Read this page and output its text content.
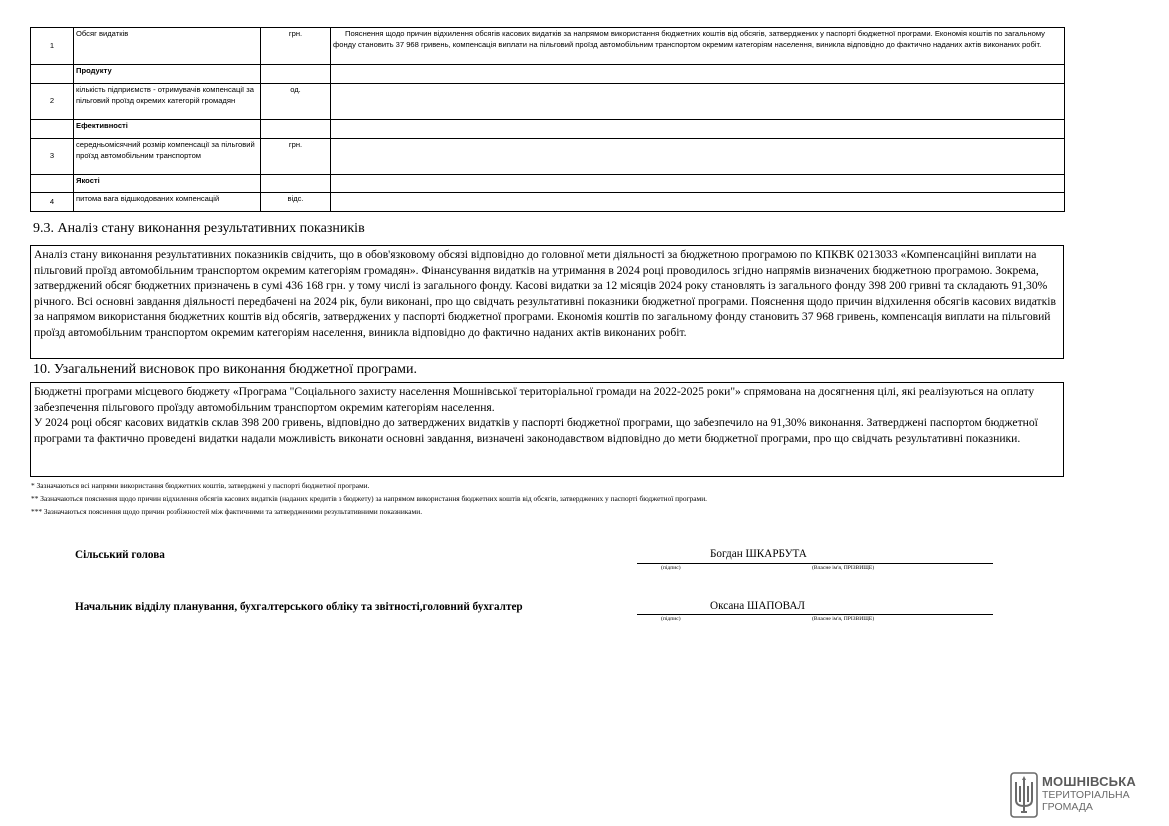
1	Обсяг видатків	грн.	Пояснення щодо причин відхилення обсягів касових видатків за напрямом використання бюджетних коштів від обсягів, затверджених у паспорті бюджетної програми. Економія коштів по загальному фонду становить 37 968 гривень, компенсація виплати на пільговий проїзд автомобільним транспортом окремим категоріям населення, виникла відповідно до фактично наданих актів виконаних робіт.
	Продукту		
2	кількість підприємств - отримувачів компенсації за пільговий проїзд окремих категорій громадян	од.	
	Ефективності		
3	середньомісячний розмір компенсації за пільговий проїзд автомобільним транспортом	грн.	
	Якості		
4	питома вага відшкодованих компенсацій	відс.	
9.3. Аналіз стану виконання результативних показників

Аналіз стану виконання результативних показників свідчить, що в обов'язковому обсязі відповідно до головної мети діяльності за бюджетною програмою по КПКВК 0213033 «Компенсаційні виплати на пільговий проїзд автомобільним транспортом окремим категоріям громадян». Фінансування видатків на утримання в 2024 році проводилось згідно напрямів визначених бюджетною програмою. Зокрема, затверджений обсяг бюджетних призначень в сумі 436 168 грн. у тому числі із загального фонду. Касові видатки за 12 місяців 2024 року становлять із загального фонду 398 200 гривні та складають 91,30% річного. Всі основні завдання діяльності передбачені на 2024 рік, були виконані, про що свідчать результативні показники бюджетної програми. Пояснення щодо причин відхилення обсягів касових видатків за напрямом використання бюджетних коштів від обсягів, затверджених у паспорті бюджетної програми. Економія коштів по загальному фонду становить 37 968 гривень, компенсація виплати на пільговий проїзд автомобільним транспортом окремим категоріям населення, виникла відповідно до фактично наданих актів виконаних робіт.

10. Узагальнений висновок про виконання бюджетної програми.

Бюджетні програми місцевого бюджету «Програма "Соціального захисту населення Мошнівської територіальної громади на 2022-2025 роки"» спрямована на досягнення цілі, які реалізуються на оплату забезпечення пільгового проїзду автомобільним транспортом окремим категоріям населення.

У 2024 році обсяг касових видатків склав 398 200 гривень, відповідно до затверджених видатків у паспорті бюджетної програми, що забезпечило на 91,30% виконання. Затверджені паспортом бюджетної програми та фактично проведені видатки надали можливість виконати основні завдання, визначені законодавством відповідно до мети бюджетної програми, про що свідчать результативні показники.

* Зазначаються всі напрями використання бюджетних коштів, затверджені у паспорті бюджетної програми.
** Зазначаються пояснення щодо причин відхилення обсягів касових видатків (наданих кредитів з бюджету) за напрямом використання бюджетних коштів від обсягів, затверджених у паспорті бюджетної програми.
*** Зазначаються пояснення щодо причин розбіжностей між фактичними та затвердженими результативними показниками.
Сільський голова	Богдан ШКАРБУТА
(підпис)	(Власне ім'я, ПРІЗВИЩЕ)
Начальник відділу планування, бухгалтерського обліку та звітності,головний бухгалтер	Оксана ШАПОВАЛ
(підпис)	(Власне ім'я, ПРІЗВИЩЕ)
МОШНІВСЬКА
ТЕРИТОРІАЛЬНА
ГРОМАДА
